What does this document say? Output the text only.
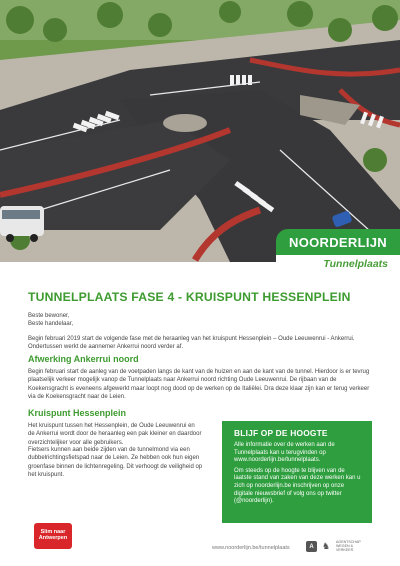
NOORDERLIJN
Tunnelplaats
TUNNELPLAATS FASE 4 - KRUISPUNT HESSENPLEIN

Beste bewoner,

Beste handelaar,

Begin februari 2019 start de volgende fase met de heraanleg van het kruispunt Hessenplein – Oude Leeuwenrui - Ankerrui. Ondertussen werkt de aannemer Ankerrui noord verder af.

Afwerking Ankerrui noord

Begin februari start de aanleg van de voetpaden langs de kant van de huizen en aan de kant van de tunnel. Hierdoor is er tevrug plaatselijk verkeer mogelijk vanop de Tunnelplaats naar Ankerrui noord richting Oude Leeuwenrui. De rijbaan van de Koekensgracht is eveneens afgewerkt maar loopt nog dood op de werken op de Italiëlei. Dra deze klaar zijn kan er terug verkeer via de Koekensgracht naar de Leien.

Kruispunt Hessenplein

Het kruispunt tussen het Hessenplein, de Oude Leeuwenrui en de Ankerrui wordt door de heraanleg een pak kleiner en daardoor overzichtelijker voor alle gebruikers.

Fietsers kunnen aan beide zijden van de tunnelmond via een dubbelrichtingsfietspad naar de Leien. Ze hebben ook hun eigen groenfase binnen de lichtenregeling. Dit verhoogt de veiligheid op het kruispunt.

BLIJF OP DE HOOGTE

Alle informatie over de werken aan de Tunnelplaats kan u terugvinden op www.noorderlijn.be/tunnelplaats.

Om steeds op de hoogte te blijven van de laatste stand van zaken van deze werken kan u zich op noorderlijn.be inschrijven op onze digitale nieuwsbrief of volg ons op twitter (@noorderlijn).

Slim naar
Antwerpen
www.noorderlijn.be/tunnelplaats	A ♞	AGENTSCHAP
WEGEN &
VERKEER
